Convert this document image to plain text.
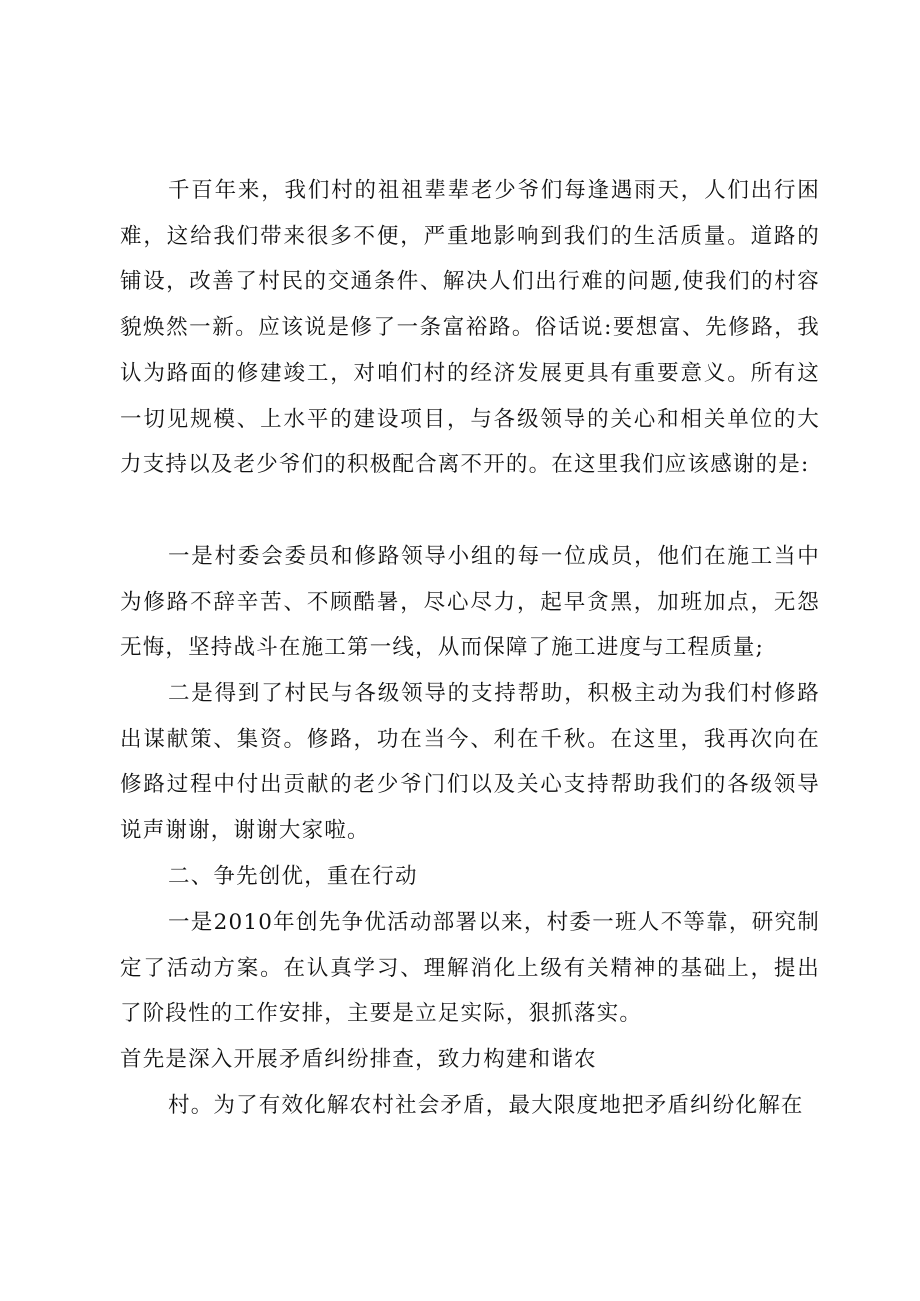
千百年来，我们村的祖祖辈辈老少爷们每逢遇雨天，人们出行困难，这给我们带来很多不便，严重地影响到我们的生活质量。道路的铺设，改善了村民的交通条件、解决人们出行难的问题,使我们的村容貌焕然一新。应该说是修了一条富裕路。俗话说:要想富、先修路，我认为路面的修建竣工，对咱们村的经济发展更具有重要意义。所有这一切见规模、上水平的建设项目，与各级领导的关心和相关单位的大力支持以及老少爷们的积极配合离不开的。在这里我们应该感谢的是:

一是村委会委员和修路领导小组的每一位成员，他们在施工当中为修路不辞辛苦、不顾酷暑，尽心尽力，起早贪黑，加班加点，无怨无悔，坚持战斗在施工第一线，从而保障了施工进度与工程质量;

二是得到了村民与各级领导的支持帮助，积极主动为我们村修路出谋献策、集资。修路，功在当今、利在千秋。在这里，我再次向在修路过程中付出贡献的老少爷门们以及关心支持帮助我们的各级领导说声谢谢，谢谢大家啦。

二、争先创优，重在行动

一是2010年创先争优活动部署以来，村委一班人不等靠，研究制定了活动方案。在认真学习、理解消化上级有关精神的基础上，提出了阶段性的工作安排，主要是立足实际，狠抓落实。

首先是深入开展矛盾纠纷排查，致力构建和谐农

村。为了有效化解农村社会矛盾，最大限度地把矛盾纠纷化解在
